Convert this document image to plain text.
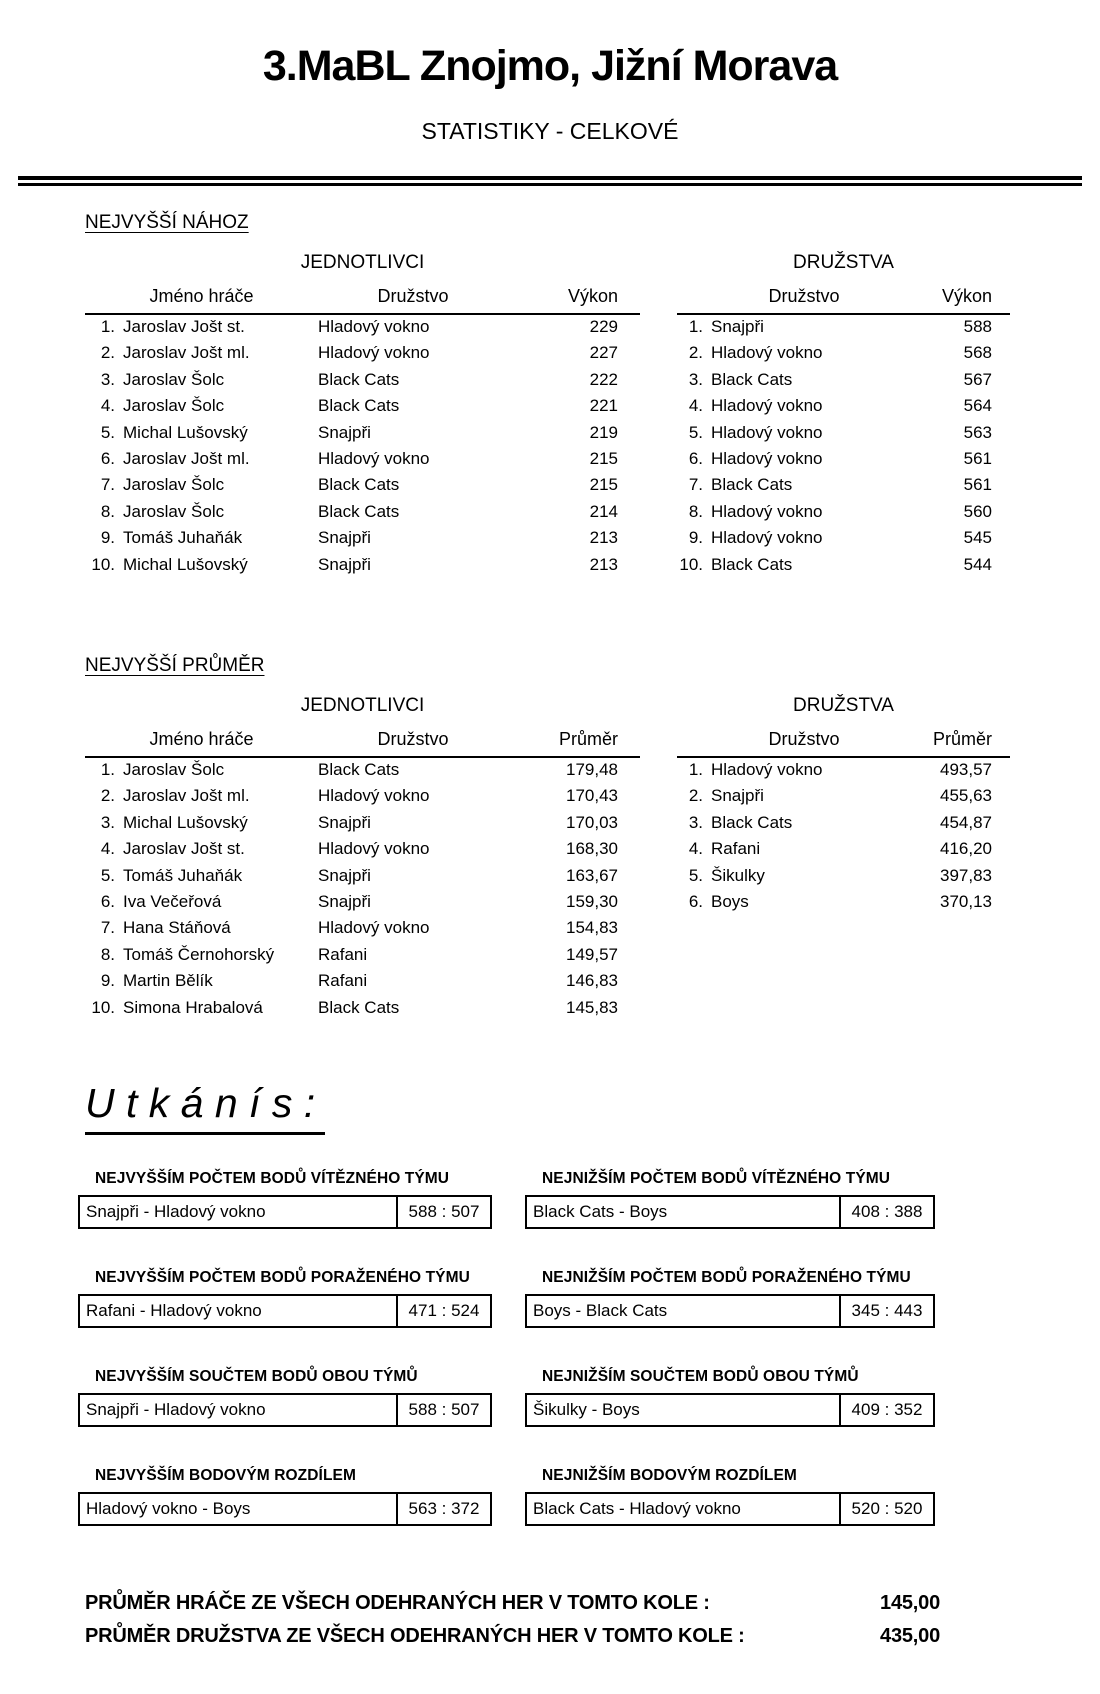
3.MaBL Znojmo, Jižní Morava
STATISTIKY - CELKOVÉ
NEJVYŠŠÍ NÁHOZ
JEDNOTLIVCI
Jméno hráče	Družstvo	Výkon
1. Jaroslav Jošt st.	Hladový vokno	229
2. Jaroslav Jošt ml.	Hladový vokno	227
3. Jaroslav Šolc	Black Cats	222
4. Jaroslav Šolc	Black Cats	221
5. Michal Lušovský	Snajpři	219
6. Jaroslav Jošt ml.	Hladový vokno	215
7. Jaroslav Šolc	Black Cats	215
8. Jaroslav Šolc	Black Cats	214
9. Tomáš Juhaňák	Snajpři	213
10. Michal Lušovský	Snajpři	213
DRUŽSTVA
Družstvo	Výkon
1. Snajpři	588
2. Hladový vokno	568
3. Black Cats	567
4. Hladový vokno	564
5. Hladový vokno	563
6. Hladový vokno	561
7. Black Cats	561
8. Hladový vokno	560
9. Hladový vokno	545
10. Black Cats	544
NEJVYŠŠÍ PRŮMĚR
JEDNOTLIVCI
Jméno hráče	Družstvo	Průměr
1. Jaroslav Šolc	Black Cats	179,48
2. Jaroslav Jošt ml.	Hladový vokno	170,43
3. Michal Lušovský	Snajpři	170,03
4. Jaroslav Jošt st.	Hladový vokno	168,30
5. Tomáš Juhaňák	Snajpři	163,67
6. Iva Večeřová	Snajpři	159,30
7. Hana Stáňová	Hladový vokno	154,83
8. Tomáš Černohorský	Rafani	149,57
9. Martin Bělík	Rafani	146,83
10. Simona Hrabalová	Black Cats	145,83
DRUŽSTVA
Družstvo	Průměr
1. Hladový vokno	493,57
2. Snajpři	455,63
3. Black Cats	454,87
4. Rafani	416,20
5. Šikulky	397,83
6. Boys	370,13
U t k á n í s :
NEJVYŠŠÍM POČTEM BODŮ VÍTĚZNÉHO TÝMU
Snajpři - Hladový vokno	588 : 507
NEJNIŽŠÍM POČTEM BODŮ VÍTĚZNÉHO TÝMU
Black Cats - Boys	408 : 388
NEJVYŠŠÍM POČTEM BODŮ PORAŽENÉHO TÝMU
Rafani - Hladový vokno	471 : 524
NEJNIŽŠÍM POČTEM BODŮ PORAŽENÉHO TÝMU
Boys - Black Cats	345 : 443
NEJVYŠŠÍM SOUČTEM BODŮ OBOU TÝMŮ
Snajpři - Hladový vokno	588 : 507
NEJNIŽŠÍM SOUČTEM BODŮ OBOU TÝMŮ
Šikulky - Boys	409 : 352
NEJVYŠŠÍM BODOVÝM ROZDÍLEM
Hladový vokno - Boys	563 : 372
NEJNIŽŠÍM BODOVÝM ROZDÍLEM
Black Cats - Hladový vokno	520 : 520
PRŮMĚR HRÁČE ZE VŠECH ODEHRANÝCH HER V TOMTO KOLE :	145,00
PRŮMĚR DRUŽSTVA ZE VŠECH ODEHRANÝCH HER V TOMTO KOLE :	435,00
